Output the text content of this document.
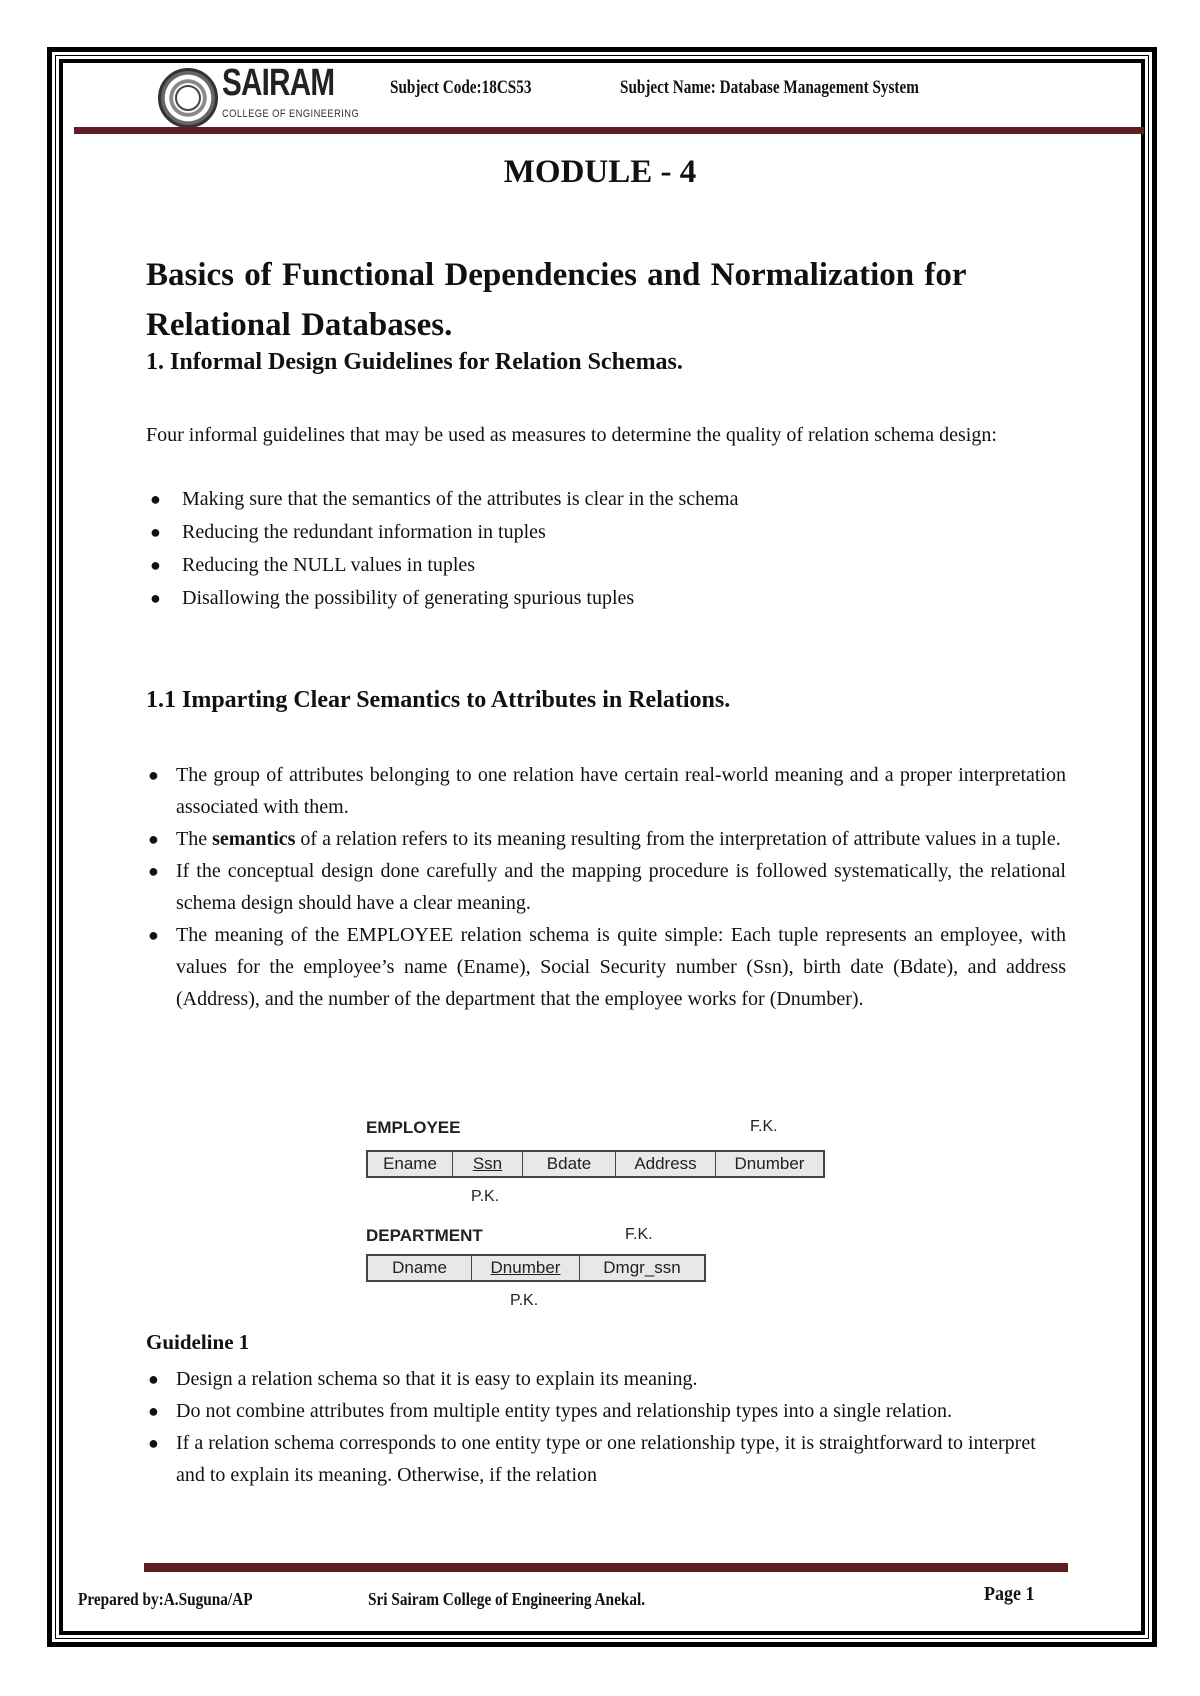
SAIRAM
COLLEGE OF ENGINEERING
Subject Code:18CS53	Subject Name: Database Management System
MODULE - 4
Basics of Functional Dependencies and Normalization for Relational Databases.
1. Informal Design Guidelines for Relation Schemas.
Four informal guidelines that may be used as measures to determine the quality of relation schema design:
● Making sure that the semantics of the attributes is clear in the schema
● Reducing the redundant information in tuples
● Reducing the NULL values in tuples
● Disallowing the possibility of generating spurious tuples
1.1 Imparting Clear Semantics to Attributes in Relations.
● The group of attributes belonging to one relation have certain real-world meaning and a proper interpretation associated with them.
● The semantics of a relation refers to its meaning resulting from the interpretation of attribute values in a tuple.
● If the conceptual design done carefully and the mapping procedure is followed systematically, the relational schema design should have a clear meaning.
● The meaning of the EMPLOYEE relation schema is quite simple: Each tuple represents an employee, with values for the employee’s name (Ename), Social Security number (Ssn), birth date (Bdate), and address (Address), and the number of the department that the employee works for (Dnumber).
EMPLOYEE	F.K.
Ename	Ssn	Bdate	Address	Dnumber
P.K.
DEPARTMENT	F.K.
Dname	Dnumber	Dmgr_ssn
P.K.
Guideline 1
● Design a relation schema so that it is easy to explain its meaning.
● Do not combine attributes from multiple entity types and relationship types into a single relation.
● If a relation schema corresponds to one entity type or one relationship type, it is straightforward to interpret and to explain its meaning. Otherwise, if the relation
Prepared by:A.Suguna/AP	Sri Sairam College of Engineering Anekal.	Page 1
